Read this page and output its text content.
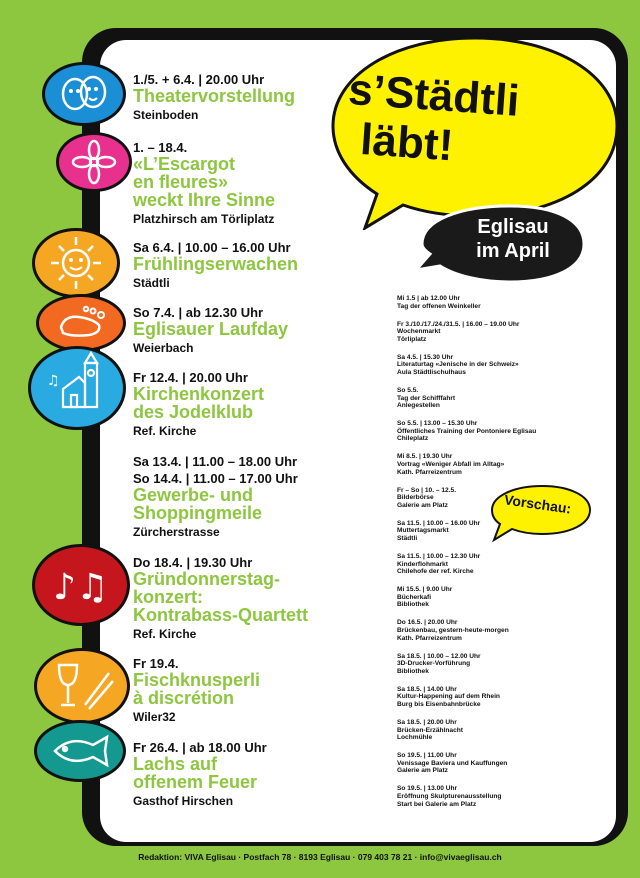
s’Städtli
läbt!
Eglisau
im April
Vorschau:
♫
♪♫
1./5. + 6.4. | 20.00 Uhr
Theatervorstellung
Steinboden
1. – 18.4.
«L’Escargot
en fleures»
weckt Ihre Sinne
Platzhirsch am Törliplatz
Sa 6.4. | 10.00 – 16.00 Uhr
Frühlingserwachen
Städtli
So 7.4. | ab 12.30 Uhr
Eglisauer Laufday
Weierbach
Fr 12.4. | 20.00 Uhr
Kirchenkonzert
des Jodelklub
Ref. Kirche
Sa 13.4. | 11.00 – 18.00 Uhr
So 14.4. | 11.00 – 17.00 Uhr
Gewerbe- und
Shoppingmeile
Zürcherstrasse
Do 18.4. | 19.30 Uhr
Gründonnerstag-
konzert:
Kontrabass-Quartett
Ref. Kirche
Fr 19.4.
Fischknusperli
à discrétion
Wiler32
Fr 26.4. | ab 18.00 Uhr
Lachs auf
offenem Feuer
Gasthof Hirschen
Mi 1.5 | ab 12.00 Uhr
Tag der offenen Weinkeller
Fr 3./10./17./24./31.5. | 16.00 – 19.00 Uhr
Wochenmarkt
Törliplatz
Sa 4.5. | 15.30 Uhr
Literaturtag «Jenische in der Schweiz»
Aula Städtlischulhaus
So 5.5.
Tag der Schifffahrt
Anlegestellen
So 5.5. | 13.00 – 15.30 Uhr
Öffentliches Training der Pontoniere Eglisau
Chileplatz
Mi 8.5. | 19.30 Uhr
Vortrag «Weniger Abfall im Alltag»
Kath. Pfarreizentrum
Fr – So | 10. – 12.5.
Bilderbörse
Galerie am Platz
Sa 11.5. | 10.00 – 16.00 Uhr
Muttertagsmarkt
Städtli
Sa 11.5. | 10.00 – 12.30 Uhr
Kinderflohmarkt
Chilehofe der ref. Kirche
Mi 15.5. | 9.00 Uhr
Bücherkafi
Bibliothek
Do 16.5. | 20.00 Uhr
Brückenbau, gestern-heute-morgen
Kath. Pfarreizentrum
Sa 18.5. | 10.00 – 12.00 Uhr
3D-Drucker-Vorführung
Bibliothek
Sa 18.5. | 14.00 Uhr
Kultur-Happening auf dem Rhein
Burg bis Eisenbahnbrücke
Sa 18.5. | 20.00 Uhr
Brücken-Erzählnacht
Lochmühle
So 19.5. | 11.00 Uhr
Venissage Baviera und Kauffungen
Galerie am Platz
So 19.5. | 13.00 Uhr
Eröffnung Skulpturenausstellung
Start bei Galerie am Platz
Redaktion: VIVA Eglisau · Postfach 78 · 8193 Eglisau · 079 403 78 21 · info@vivaeglisau.ch
